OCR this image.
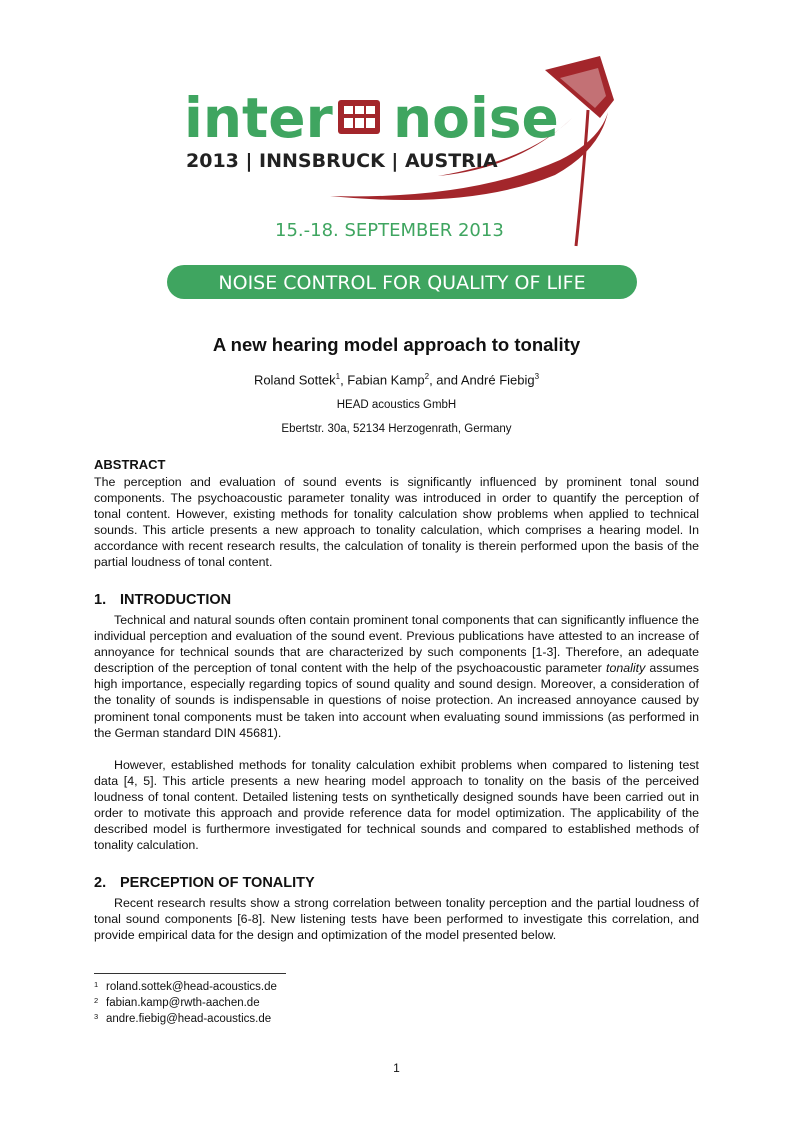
inter noise
2013 | INNSBRUCK | AUSTRIA
15.-18. SEPTEMBER 2013
NOISE CONTROL FOR QUALITY OF LIFE
A new hearing model approach to tonality
Roland Sottek$^1$, Fabian Kamp$^2$, and André Fiebig$^3$
HEAD acoustics GmbH
Ebertstr. 30a, 52134 Herzogenrath, Germany
ABSTRACT
The perception and evaluation of sound events is significantly influenced by prominent tonal sound components. The psychoacoustic parameter tonality was introduced in order to quantify the perception of tonal content. However, existing methods for tonality calculation show problems when applied to technical sounds. This article presents a new approach to tonality calculation, which comprises a hearing model. In accordance with recent research results, the calculation of tonality is therein performed upon the basis of the partial loudness of tonal content.
1. INTRODUCTION
Technical and natural sounds often contain prominent tonal components that can significantly influence the individual perception and evaluation of the sound event. Previous publications have attested to an increase of annoyance for technical sounds that are characterized by such components [1-3]. Therefore, an adequate description of the perception of tonal content with the help of the psychoacoustic parameter tonality assumes high importance, especially regarding topics of sound quality and sound design. Moreover, a consideration of the tonality of sounds is indispensable in questions of noise protection. An increased annoyance caused by prominent tonal components must be taken into account when evaluating sound immissions (as performed in the German standard DIN 45681).
However, established methods for tonality calculation exhibit problems when compared to listening test data [4, 5]. This article presents a new hearing model approach to tonality on the basis of the perceived loudness of tonal content. Detailed listening tests on synthetically designed sounds have been carried out in order to motivate this approach and provide reference data for model optimization. The applicability of the described model is furthermore investigated for technical sounds and compared to established methods of tonality calculation.
2. PERCEPTION OF TONALITY
Recent research results show a strong correlation between tonality perception and the partial loudness of tonal sound components [6-8]. New listening tests have been performed to investigate this correlation, and provide empirical data for the design and optimization of the model presented below.
$^1$ roland.sottek@head-acoustics.de
$^2$ fabian.kamp@rwth-aachen.de
$^3$ andre.fiebig@head-acoustics.de
1
